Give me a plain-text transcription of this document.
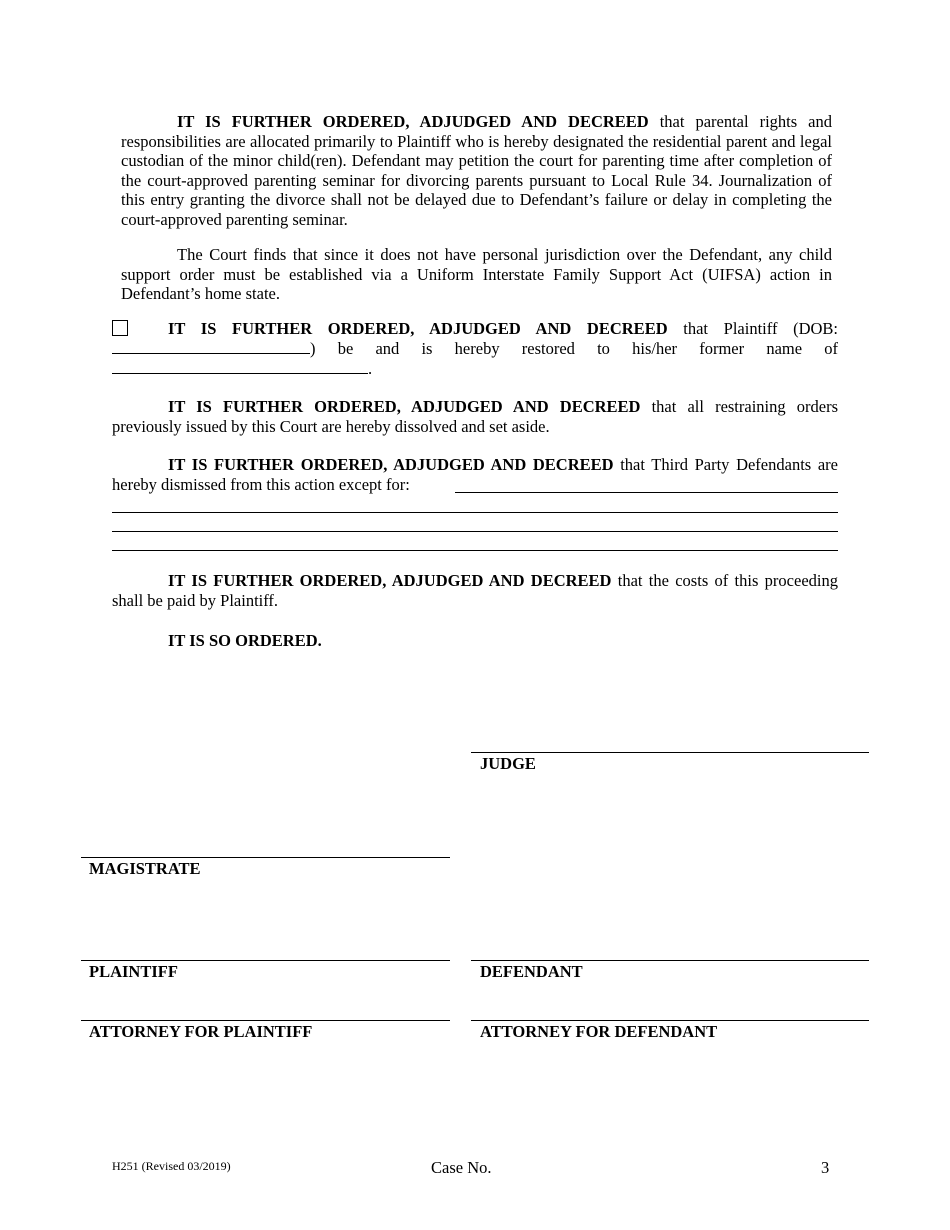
IT IS FURTHER ORDERED, ADJUDGED AND DECREED that parental rights and responsibilities are allocated primarily to Plaintiff who is hereby designated the residential parent and legal custodian of the minor child(ren). Defendant may petition the court for parenting time after completion of the court-approved parenting seminar for divorcing parents pursuant to Local Rule 34. Journalization of this entry granting the divorce shall not be delayed due to Defendant’s failure or delay in completing the court-approved parenting seminar.
The Court finds that since it does not have personal jurisdiction over the Defendant, any child support order must be established via a Uniform Interstate Family Support Act (UIFSA) action in Defendant’s home state.
IT IS FURTHER ORDERED, ADJUDGED AND DECREED that Plaintiff (DOB:
) be and is hereby restored to his/her former name of
.
IT IS FURTHER ORDERED, ADJUDGED AND DECREED that all restraining orders previously issued by this Court are hereby dissolved and set aside.
IT IS FURTHER ORDERED, ADJUDGED AND DECREED that Third Party Defendants are hereby dismissed from this action except for:
IT IS FURTHER ORDERED, ADJUDGED AND DECREED that the costs of this proceeding shall be paid by Plaintiff.
IT IS SO ORDERED.
JUDGE
MAGISTRATE
PLAINTIFF	DEFENDANT
ATTORNEY FOR PLAINTIFF	ATTORNEY FOR DEFENDANT
H251 (Revised 03/2019)	Case No.	3
